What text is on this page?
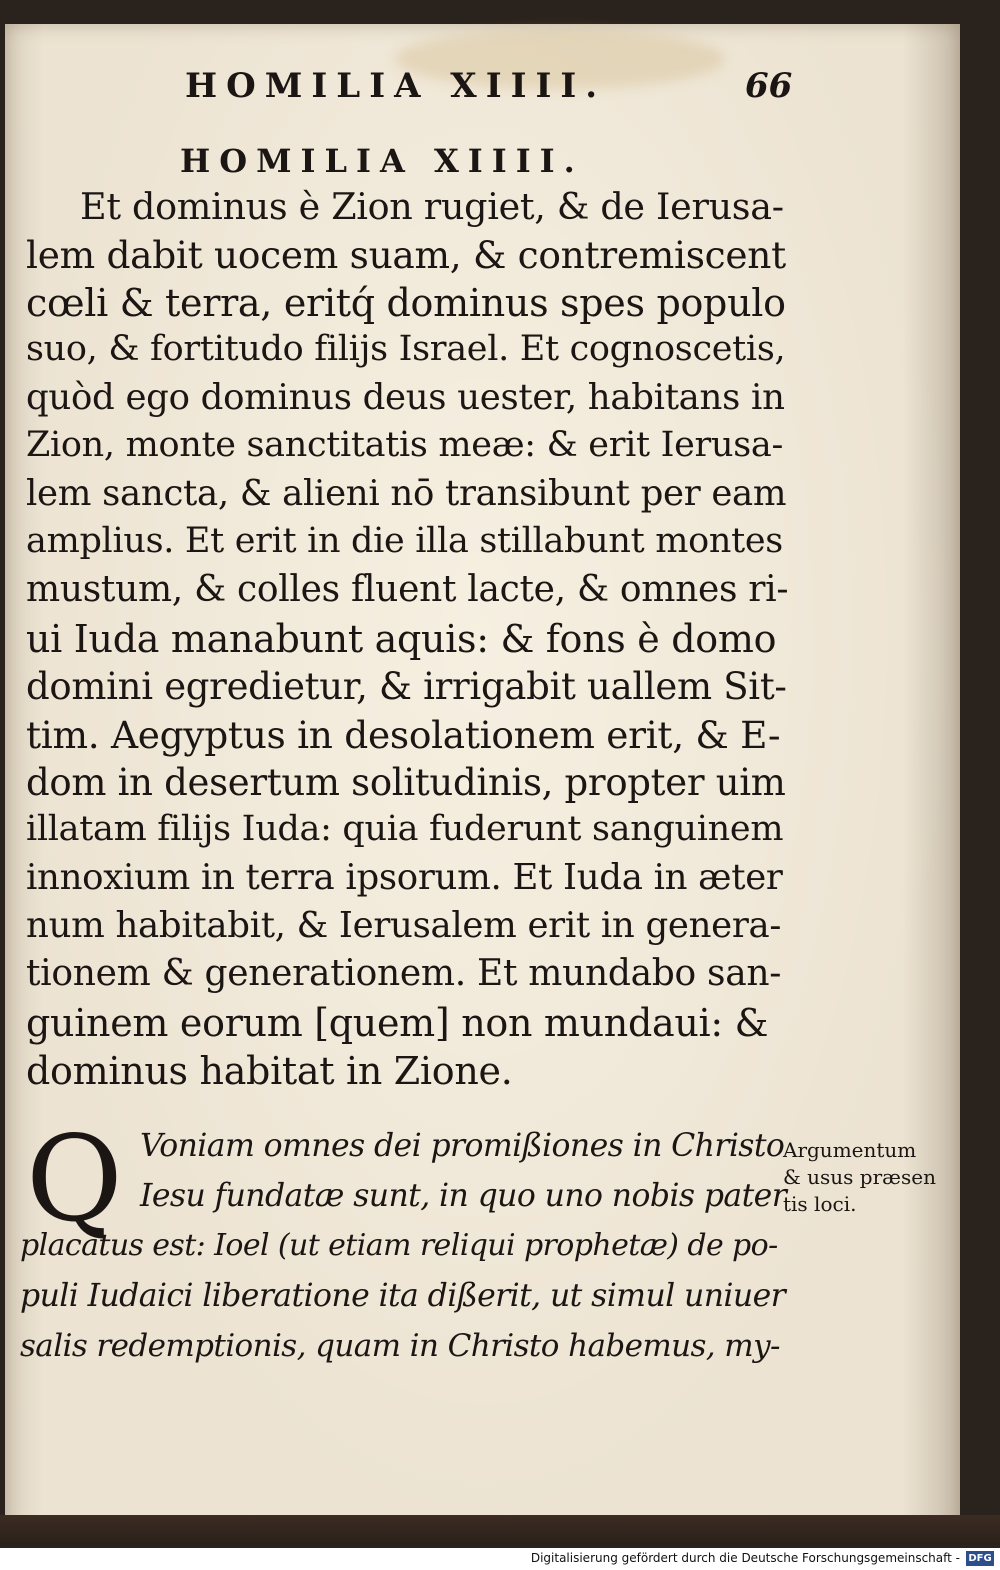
HOMILIA XIIII.	66
HOMILIA XIIII.
Et dominus è Zion rugiet, & de Ierusa-
lem dabit uocem suam, & contremiscent
cœli & terra, eritq́ dominus spes populo
suo, & fortitudo filijs Israel. Et cognoscetis,
quòd ego dominus deus uester, habitans in
Zion, monte sanctitatis meæ: & erit Ierusa-
lem sancta, & alieni nō transibunt per eam
amplius. Et erit in die illa stillabunt montes
mustum, & colles fluent lacte, & omnes ri-
ui Iuda manabunt aquis: & fons è domo
domini egredietur, & irrigabit uallem Sit-
tim. Aegyptus in desolationem erit, & E-
dom in desertum solitudinis, propter uim
illatam filijs Iuda: quia fuderunt sanguinem
innoxium in terra ipsorum. Et Iuda in æter
num habitabit, & Ierusalem erit in genera-
tionem & generationem. Et mundabo san-
guinem eorum [quem] non mundaui: &
dominus habitat in Zione.
Q Voniam omnes dei promißiones in Christo
Iesu fundatæ sunt, in quo uno nobis pater
placatus est: Ioel (ut etiam reliqui prophetæ) de po-
puli Iudaici liberatione ita dißerit, ut simul uniuer
salis redemptionis, quam in Christo habemus, my-
Argumentum
& usus præsen
tis loci.
Digitalisierung gefördert durch die Deutsche Forschungsgemeinschaft - DFG
